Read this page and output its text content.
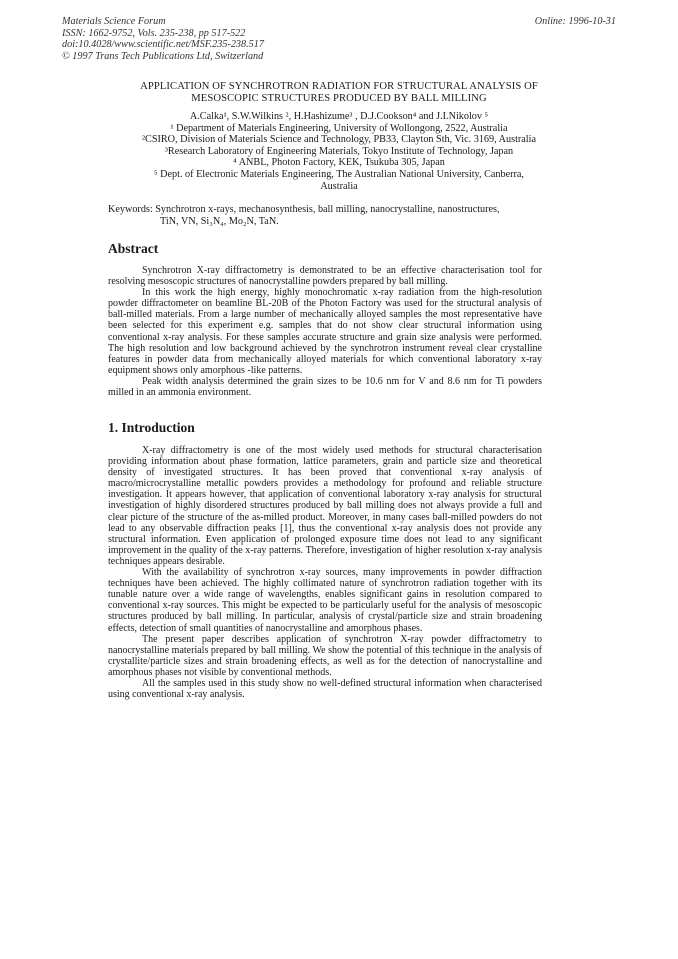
Materials Science Forum
ISSN: 1662-9752, Vols. 235-238, pp 517-522
doi:10.4028/www.scientific.net/MSF.235-238.517
© 1997 Trans Tech Publications Ltd, Switzerland
Online: 1996-10-31
APPLICATION OF SYNCHROTRON RADIATION FOR STRUCTURAL ANALYSIS OF
MESOSCOPIC STRUCTURES PRODUCED BY BALL MILLING
A.Calka¹, S.W.Wilkins ², H.Hashizume³ , D.J.Cookson⁴ and J.I.Nikolov ⁵
¹ Department of Materials Engineering, University of Wollongong, 2522, Australia
²CSIRO, Division of Materials Science and Technology, PB33, Clayton Sth, Vic. 3169, Australia
³Research Laboratory of Engineering Materials, Tokyo Institute of Technology, Japan
⁴ ANBL, Photon Factory, KEK, Tsukuba 305, Japan
⁵ Dept. of Electronic Materials Engineering, The Australian National University, Canberra,
Australia
Keywords: Synchrotron x-rays, mechanosynthesis, ball milling, nanocrystalline, nanostructures,
TiN, VN, Si₃N₄, Mo₂N, TaN.
Abstract

Synchrotron X-ray diffractometry is demonstrated to be an effective characterisation tool for resolving mesoscopic structures of nanocrystalline powders prepared by ball milling.

In this work the high energy, highly monochromatic x-ray radiation from the high-resolution powder diffractometer on beamline BL-20B of the Photon Factory was used for the structural analysis of ball-milled materials. From a large number of mechanically alloyed samples the most representative have been selected for this experiment e.g. samples that do not show clear structural information using conventional x-ray analysis. For these samples accurate structure and grain size analysis were performed. The high resolution and low background achieved by the synchrotron instrument reveal clear crystalline features in powder data from mechanically alloyed materials for which conventional laboratory x-ray equipment shows only amorphous -like patterns.

Peak width analysis determined the grain sizes to be 10.6 nm for V and 8.6 nm for Ti powders milled in an ammonia environment.

1. Introduction

X-ray diffractometry is one of the most widely used methods for structural characterisation providing information about phase formation, lattice parameters, grain and particle size and theoretical density of investigated structures. It has been proved that conventional x-ray analysis of macro/microcrystalline metallic powders provides a methodology for profound and reliable structure investigation. It appears however, that application of conventional laboratory x-ray analysis for structural investigation of highly disordered structures produced by ball milling does not always provide a full and clear picture of the structure of the as-milled product. Moreover, in many cases ball-milled powders do not lead to any observable diffraction peaks [1], thus the conventional x-ray analysis does not provide any structural information. Even application of prolonged exposure time does not lead to any significant improvement in the quality of the x-ray patterns. Therefore, investigation of higher resolution x-ray analysis techniques appears desirable.

With the availability of synchrotron x-ray sources, many improvements in powder diffraction techniques have been achieved. The highly collimated nature of synchrotron radiation together with its tunable nature over a wide range of wavelengths, enables significant gains in resolution compared to conventional x-ray sources. This might be expected to be particularly useful for the analysis of mesoscopic structures produced by ball milling. In particular, analysis of crystal/particle size and strain broadening effects, detection of small quantities of nanocrystalline and amorphous phases.

The present paper describes application of synchrotron X-ray powder diffractometry to nanocrystalline materials prepared by ball milling. We show the potential of this technique in the analysis of crystallite/particle sizes and strain broadening effects, as well as for the detection of nanocrystalline and amorphous phases not visible by conventional methods.

All the samples used in this study show no well-defined structural information when characterised using conventional x-ray analysis.
